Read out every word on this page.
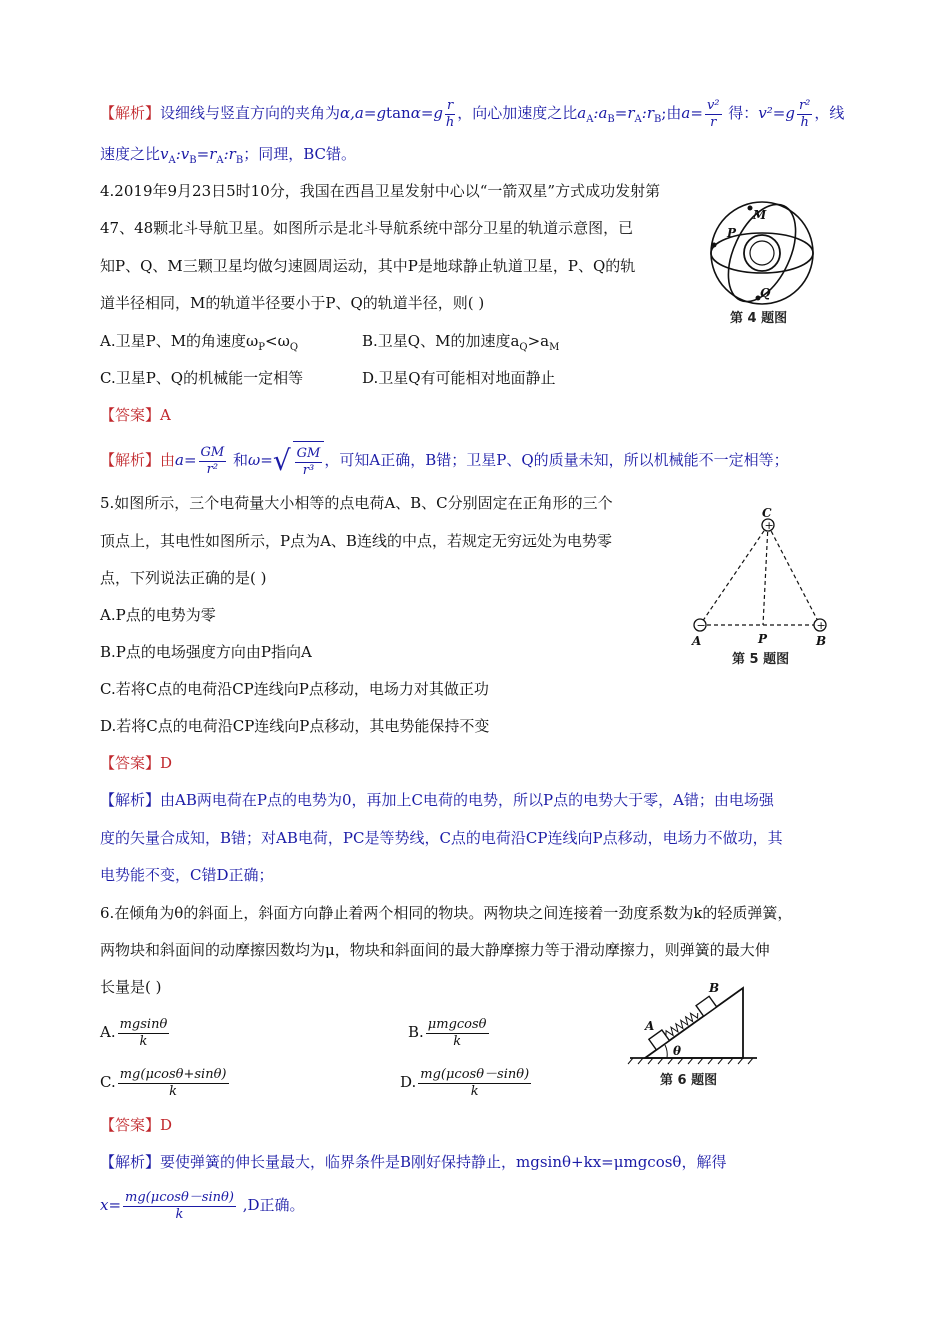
【解析】设细线与竖直方向的夹角为$\alpha,a=gtan\alpha=g \frac{r}{h}$ ，向心加速度之比$a_A:a_B=r_A:r_B$;由$a= \frac{\text{v²}}{r}$ 得：$v^2=g \frac{\text{r²}}{h}$ ，线
速度之比$v_A:v_B=r_A:r_B$；同理，BC错。
4.2019年9月23日5时10分，我国在西昌卫星发射中心以“一箭双星”方式成功发射第
47、48颗北斗导航卫星。如图所示是北斗导航系统中部分卫星的轨道示意图，已
知P、Q、M三颗卫星均做匀速圆周运动，其中P是地球静止轨道卫星，P、Q的轨
道半径相同，M的轨道半径要小于P、Q的轨道半径，则( )
A.卫星P、M的角速度$\omega_P<\omega_Q$	B.卫星Q、M的加速度$a_Q>a_M$
C.卫星P、Q的机械能一定相等	D.卫星Q有可能相对地面静止
【答案】A
【解析】由$a= \frac{GM}{\text{r²}}$ 和$\omega=√ \frac{GM}{\text{r³}}$ ，可知A正确，B错；卫星P、Q的质量未知，所以机械能不一定相等；
M
P
Q
第 4 题图
5.如图所示，三个电荷量大小相等的点电荷A、B、C分别固定在正角形的三个
顶点上，其电性如图所示，P点为A、B连线的中点，若规定无穷远处为电势零
点，下列说法正确的是( )
A.P点的电势为零
B.P点的电场强度方向由P指向A
C.若将C点的电荷沿CP连线向P点移动，电场力对其做正功
D.若将C点的电荷沿CP连线向P点移动，其电势能保持不变
【答案】D
【解析】由AB两电荷在P点的电势为0，再加上C电荷的电势，所以P点的电势大于零，A错；由电场强
度的矢量合成知，B错；对AB电荷，PC是等势线，C点的电荷沿CP连线向P点移动，电场力不做功，其
电势能不变，C错D正确；
+
−	+
C
A	B
P
第 5 题图
6.在倾角为θ的斜面上，斜面方向静止着两个相同的物块。两物块之间连接着一劲度系数为k的轻质弹簧，
两物块和斜面间的动摩擦因数均为μ，物块和斜面间的最大静摩擦力等于滑动摩擦力，则弹簧的最大伸
长量是( )
A. $\frac{mgsin\theta}{k}$	B. μmgcosθ
k
C. $\frac{mg(\mu\cos\theta+\sin\theta)}{k}$	D. $\frac{mg(\mu\cos\theta-\sin\theta)}{k}$
【答案】D
【解析】要使弹簧的伸长量最大，临界条件是B刚好保持静止，mgsinθ+kx=μmgcosθ，解得
$x= \frac{mg(\mu\cos\theta-\sin\theta)}{k} ,D$正确。
A
B
θ
第 6 题图
